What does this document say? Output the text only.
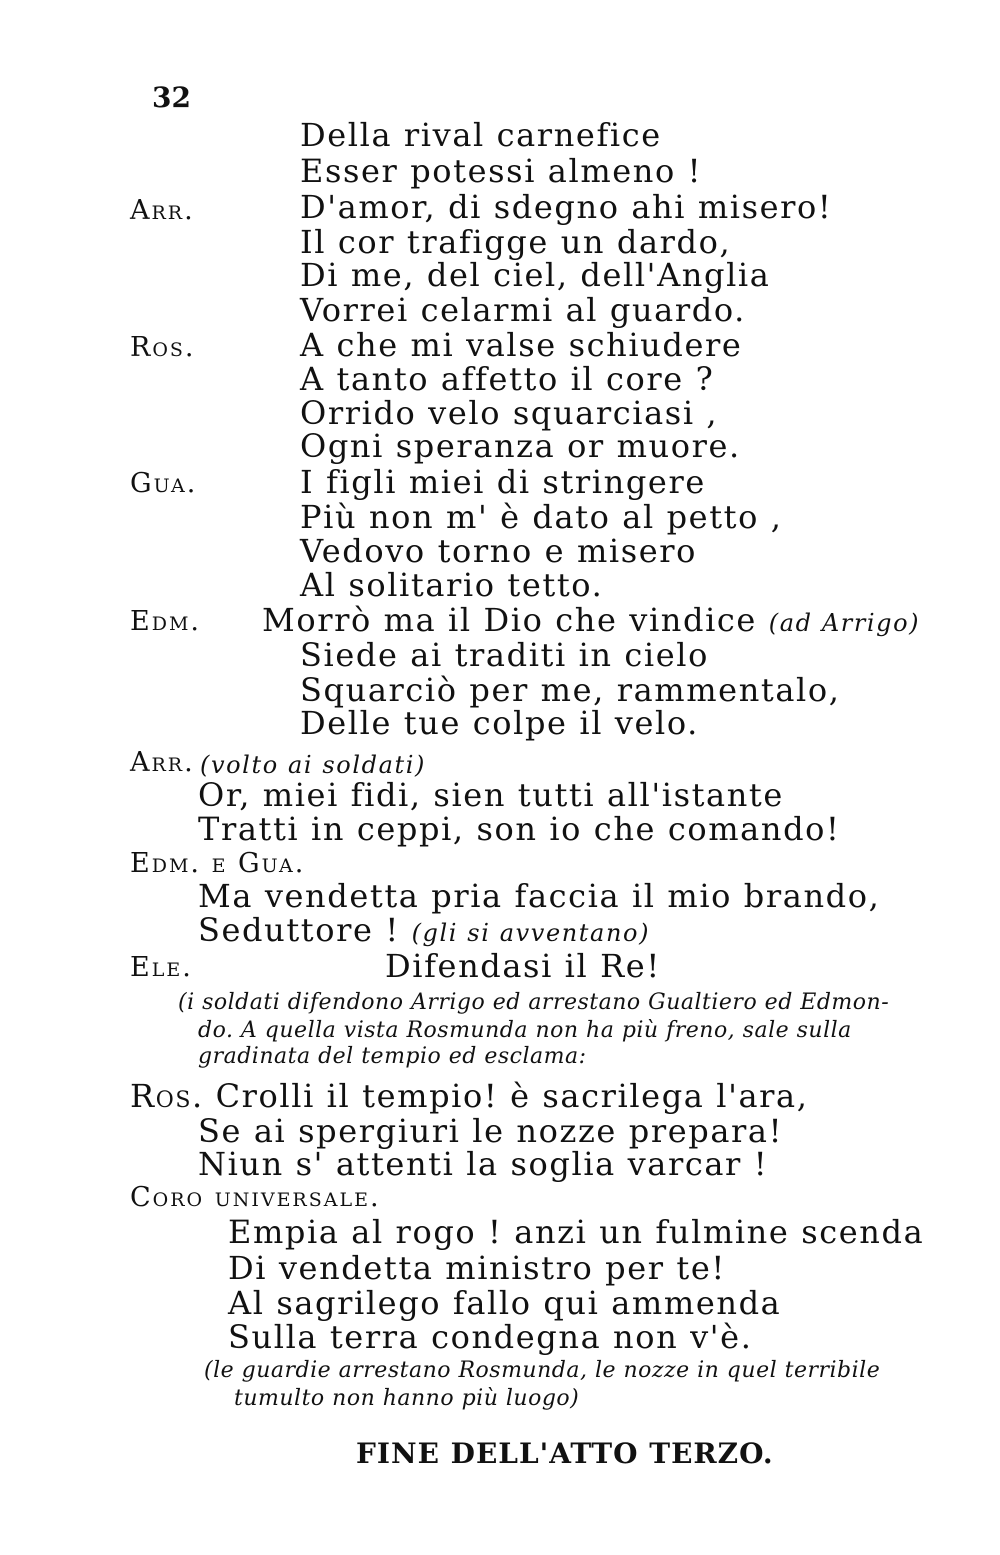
32
Della rival carnefice
Esser potessi almeno !
Arr.	D'amor, di sdegno ahi misero!
Il cor trafigge un dardo,
Di me, del ciel, dell'Anglia
Vorrei celarmi al guardo.
Ros.	A che mi valse schiudere
A tanto affetto il core ?
Orrido velo squarciasi ,
Ogni speranza or muore.
Gua.	I figli miei di stringere
Più non m' è dato al petto ,
Vedovo torno e misero
Al solitario tetto.
Edm. Morrò ma il Dio che vindice (ad Arrigo)
Siede ai traditi in cielo
Squarciò per me, rammentalo,
Delle tue colpe il velo.
Arr. (volto ai soldati)
Or, miei fidi, sien tutti all'istante
Tratti in ceppi, son io che comando!
Edm. e Gua.
Ma vendetta pria faccia il mio brando,
Seduttore ! (gli si avventano)
Ele.	Difendasi il Re!
(i soldati difendono Arrigo ed arrestano Gualtiero ed Edmon-
do. A quella vista Rosmunda non ha più freno, sale sulla
gradinata del tempio ed esclama:
Ros. Crolli il tempio! è sacrilega l'ara,
Se ai spergiuri le nozze prepara!
Niun s' attenti la soglia varcar !
Coro universale.
Empia al rogo ! anzi un fulmine scenda
Di vendetta ministro per te!
Al sagrilego fallo qui ammenda
Sulla terra condegna non v'è.
(le guardie arrestano Rosmunda, le nozze in quel terribile
tumulto non hanno più luogo)
FINE DELL'ATTO TERZO.
